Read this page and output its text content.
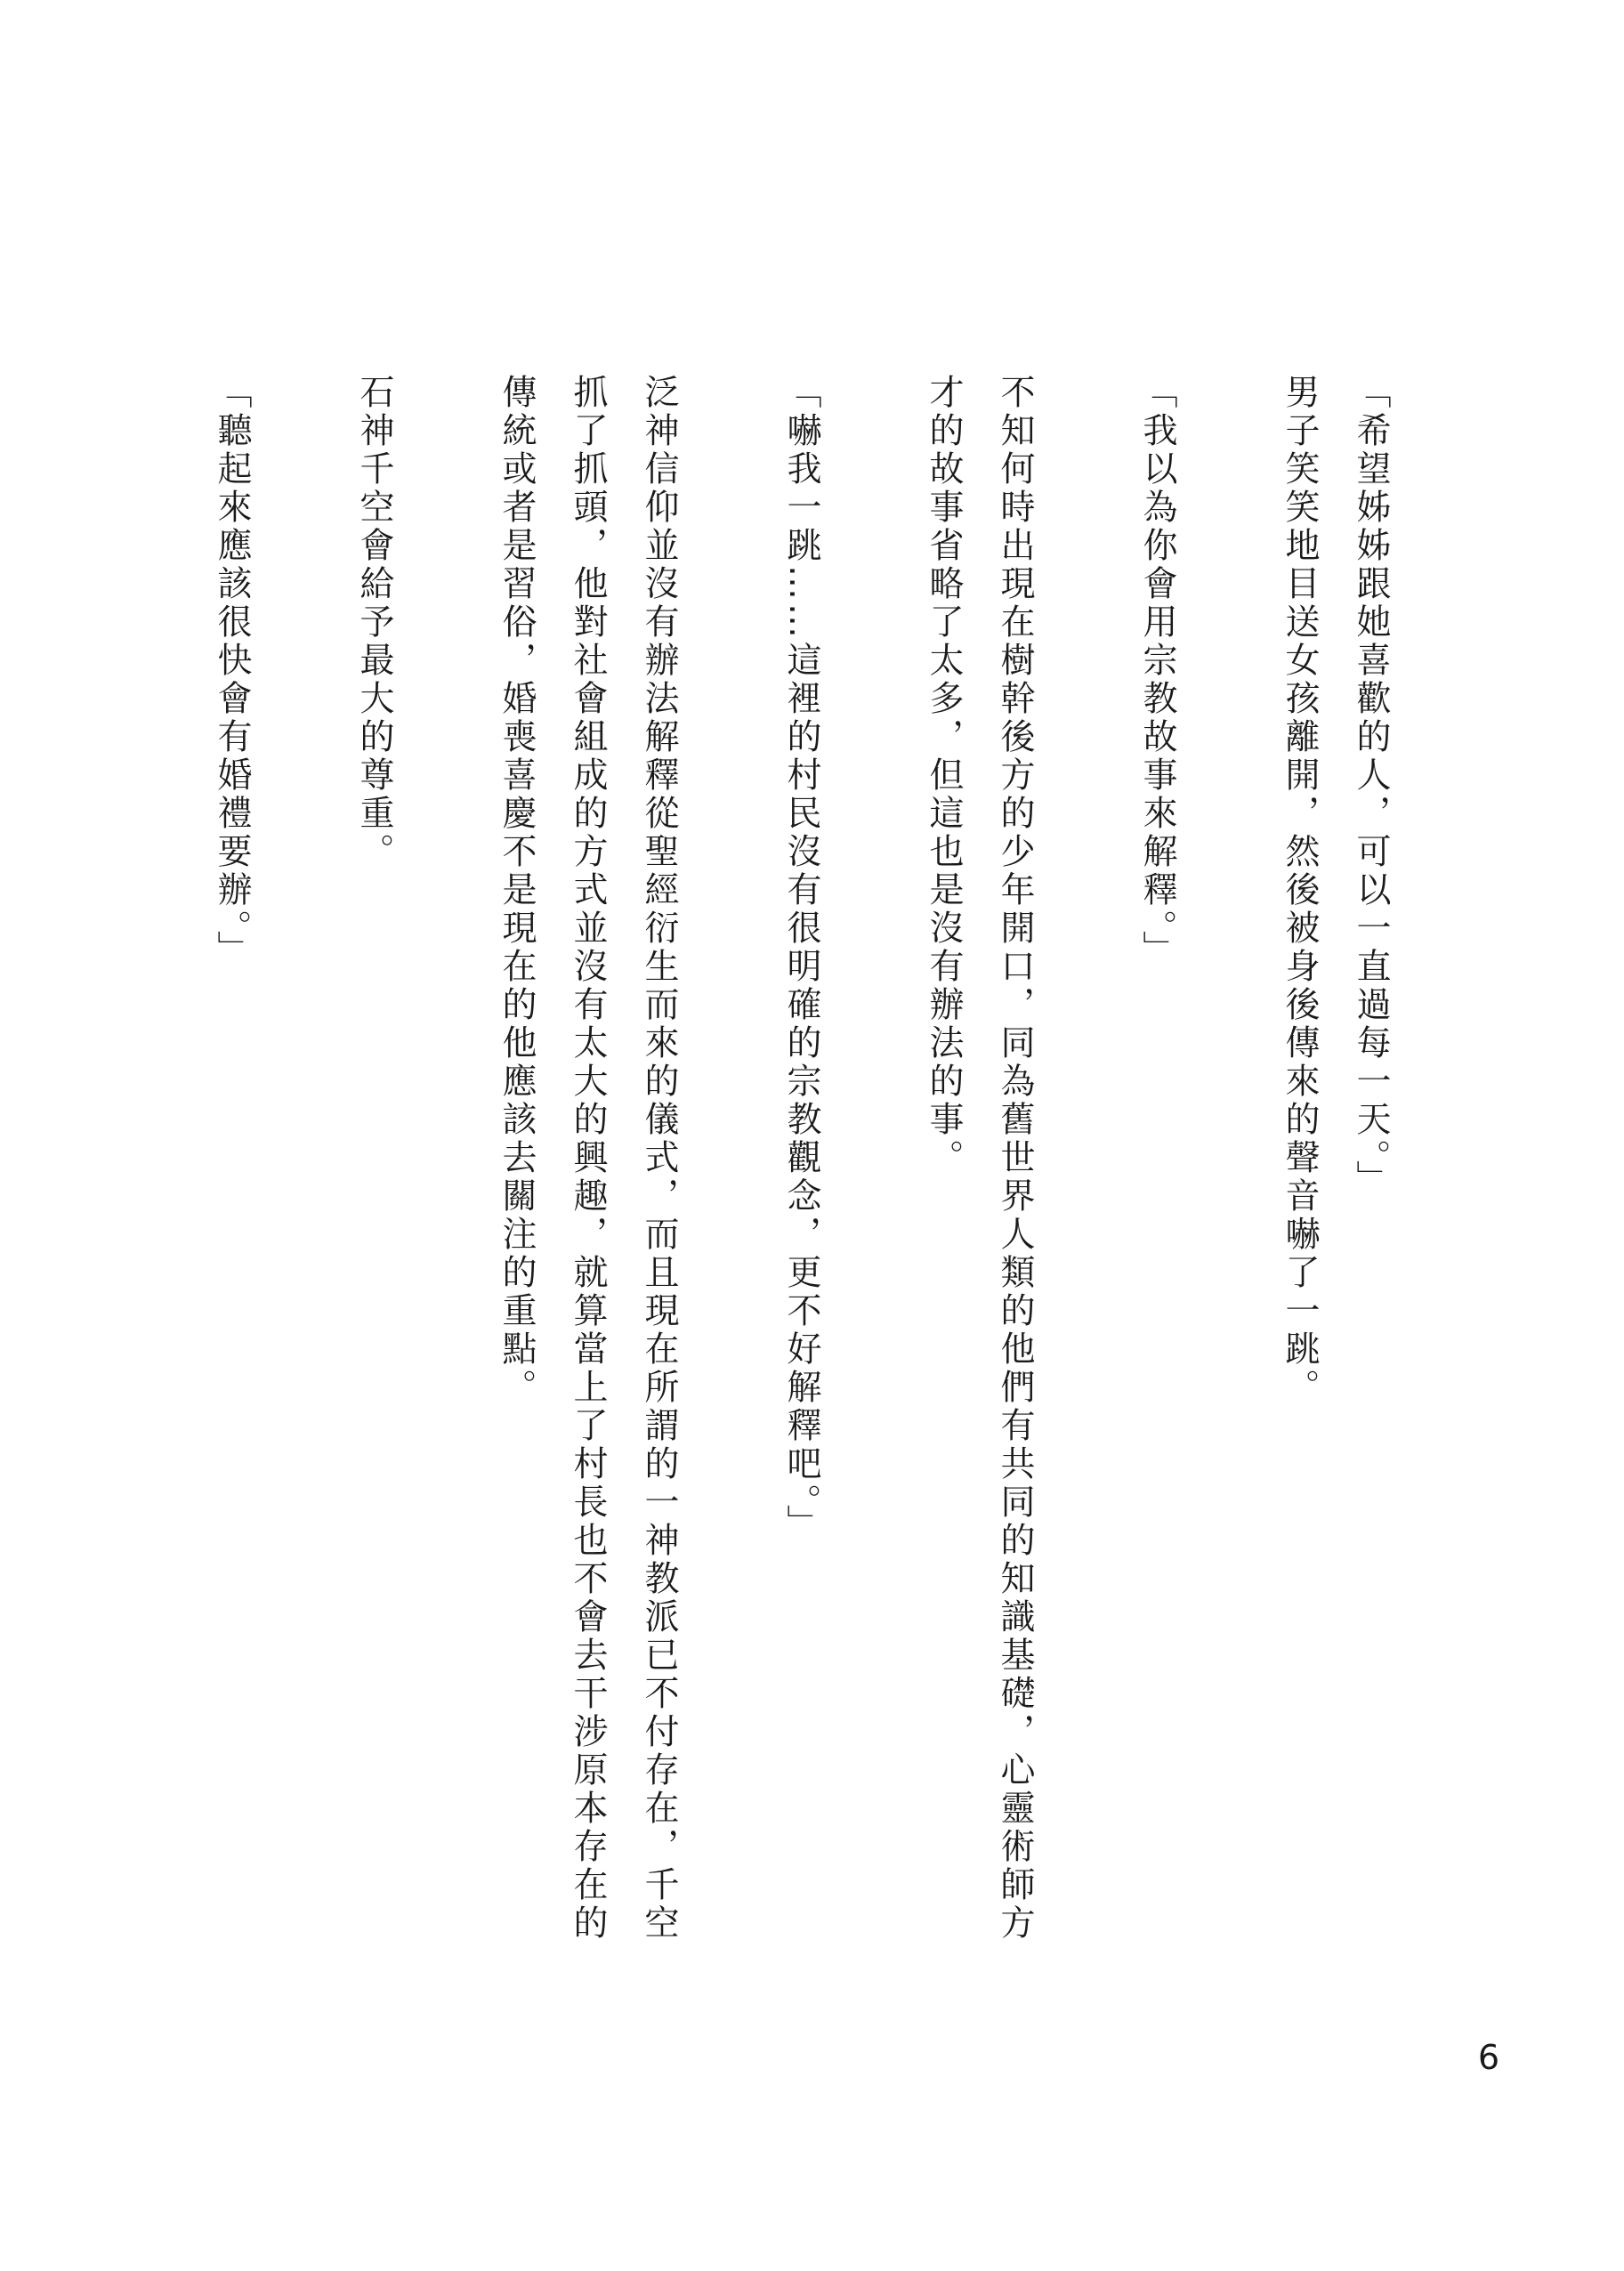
「希望姊姊跟她喜歡的人，可以一直過每一天。」

男子笑笑地目送女孩離開，然後被身後傳來的聲音嚇了一跳。

「我以為你會用宗教故事來解釋。」

不知何時出現在樹幹後方的少年開口，同為舊世界人類的他們有共同的知識基礎，心靈術師方才的故事省略了太多，但這也是沒有辦法的事。

「嚇我一跳……這裡的村民沒有很明確的宗教觀念，更不好解釋吧。」

泛神信仰並沒有辦法解釋從聖經衍生而來的儀式，而且現在所謂的一神教派已不付存在，千空抓了抓頭，他對社會組成的方式並沒有太大的興趣，就算當上了村長也不會去干涉原本存在的傳統或者是習俗，婚喪喜慶不是現在的他應該去關注的重點。

石神千空會給予最大的尊重。

「聽起來應該很快會有婚禮要辦。」

6
